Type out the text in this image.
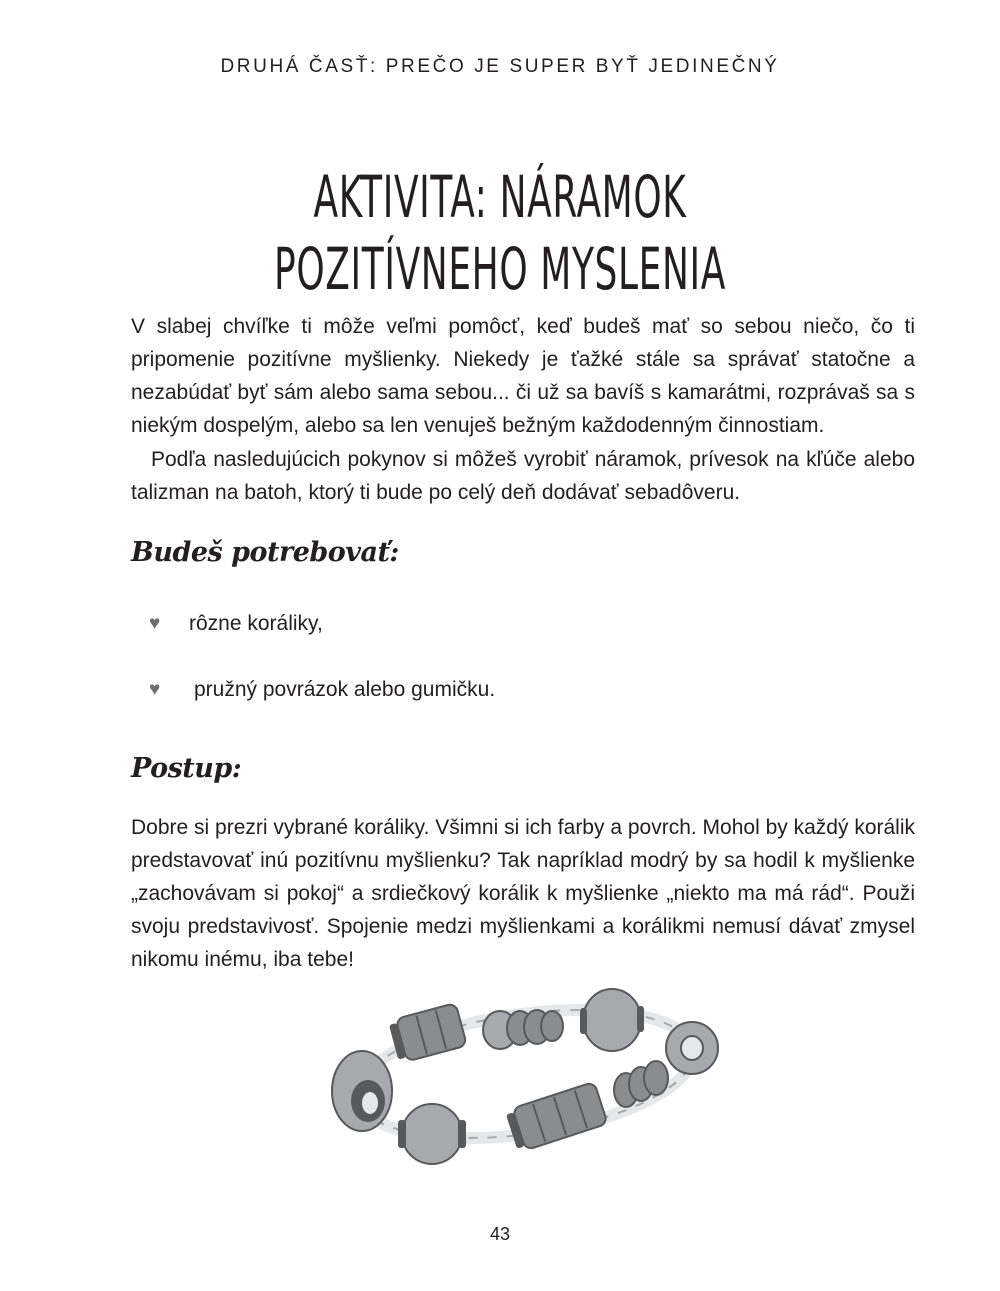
DRUHÁ ČASŤ: PREČO JE SUPER BYŤ JEDINEČNÝ
AKTIVITA: NÁRAMOK
POZITÍVNEHO MYSLENIA

V slabej chvíľke ti môže veľmi pomôcť, keď budeš mať so sebou niečo, čo ti pripomenie pozitívne myšlienky. Niekedy je ťažké stále sa správať statočne a nezabúdať byť sám alebo sama sebou... či už sa bavíš s kamarátmi, rozprávaš sa s niekým dospelým, alebo sa len venuješ bežným každodenným činnostiam.

Podľa nasledujúcich pokynov si môžeš vyrobiť náramok, prívesok na kľúče alebo talizman na batoh, ktorý ti bude po celý deň dodávať sebadôveru.

Budeš potrebovať:
♥	rôzne koráliky,
♥	pružný povrázok alebo gumičku.
Postup:

Dobre si prezri vybrané koráliky. Všimni si ich farby a povrch. Mohol by každý korálik predstavovať inú pozitívnu myšlienku? Tak napríklad modrý by sa hodil k myšlienke „zachovávam si pokoj“ a srdiečkový korálik k myšlienke „niekto ma má rád“. Použi svoju predstavivosť. Spojenie medzi myšlienkami a korálikmi nemusí dávať zmysel nikomu inému, iba tebe!

43
